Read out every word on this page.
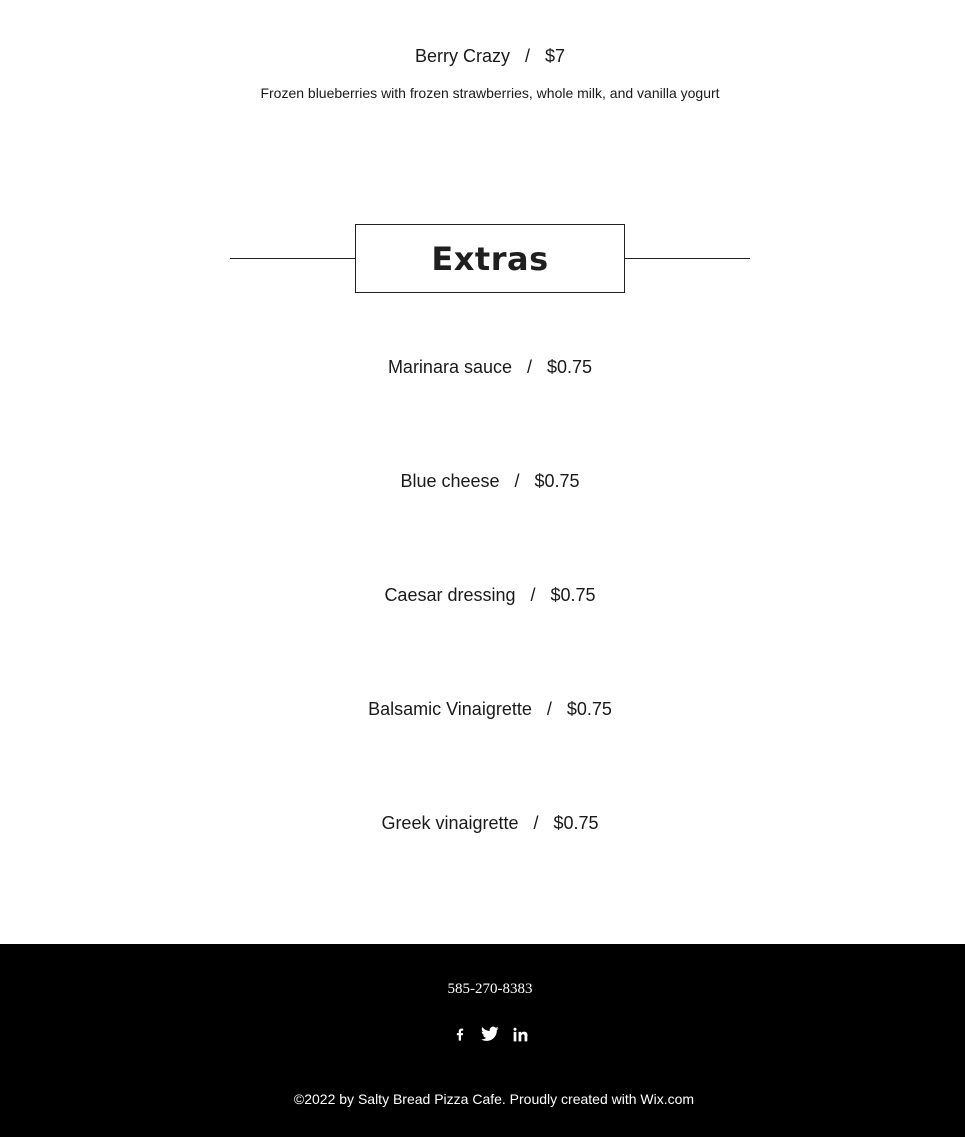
Berry Crazy   /   $7
Frozen blueberries with frozen strawberries, whole milk, and vanilla yogurt
Extras
Marinara sauce   /   $0.75
Blue cheese   /   $0.75
Caesar dressing   /   $0.75
Balsamic Vinaigrette   /   $0.75
Greek vinaigrette   /   $0.75
585-270-8383
©2022 by Salty Bread Pizza Cafe. Proudly created with Wix.com
